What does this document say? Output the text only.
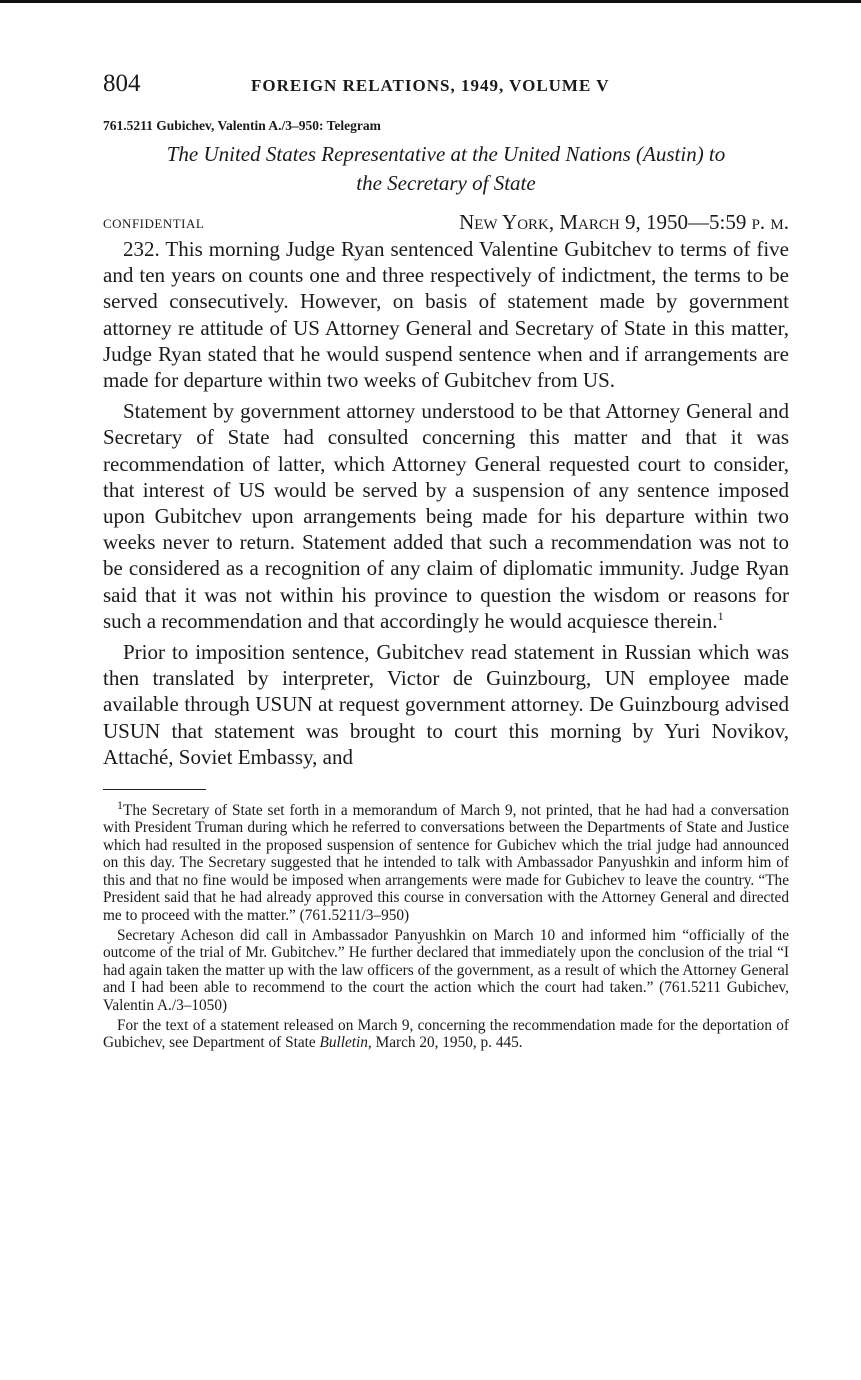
804	FOREIGN RELATIONS, 1949, VOLUME V
761.5211 Gubichev, Valentin A./3–950: Telegram
The United States Representative at the United Nations (Austin) to
the Secretary of State
CONFIDENTIAL	New York, March 9, 1950—5:59 p. m.

232. This morning Judge Ryan sentenced Valentine Gubitchev to terms of five and ten years on counts one and three respectively of indictment, the terms to be served consecutively. However, on basis of statement made by government attorney re attitude of US Attorney General and Secretary of State in this matter, Judge Ryan stated that he would suspend sentence when and if arrangements are made for departure within two weeks of Gubitchev from US.

Statement by government attorney understood to be that Attorney General and Secretary of State had consulted concerning this matter and that it was recommendation of latter, which Attorney General requested court to consider, that interest of US would be served by a suspension of any sentence imposed upon Gubitchev upon arrangements being made for his departure within two weeks never to return. Statement added that such a recommendation was not to be considered as a recognition of any claim of diplomatic immunity. Judge Ryan said that it was not within his province to question the wisdom or reasons for such a recommendation and that accordingly he would acquiesce therein.$^1$

Prior to imposition sentence, Gubitchev read statement in Russian which was then translated by interpreter, Victor de Guinzbourg, UN employee made available through USUN at request government attorney. De Guinzbourg advised USUN that statement was brought to court this morning by Yuri Novikov, Attaché, Soviet Embassy, and

$^1$The Secretary of State set forth in a memorandum of March 9, not printed, that he had had a conversation with President Truman during which he referred to conversations between the Departments of State and Justice which had resulted in the proposed suspension of sentence for Gubichev which the trial judge had announced on this day. The Secretary suggested that he intended to talk with Ambassador Panyushkin and inform him of this and that no fine would be imposed when arrangements were made for Gubichev to leave the country. “The President said that he had already approved this course in conversation with the Attorney General and directed me to proceed with the matter.” (761.5211/3–950)

Secretary Acheson did call in Ambassador Panyushkin on March 10 and informed him “officially of the outcome of the trial of Mr. Gubitchev.” He further declared that immediately upon the conclusion of the trial “I had again taken the matter up with the law officers of the government, as a result of which the Attorney General and I had been able to recommend to the court the action which the court had taken.” (761.5211 Gubichev, Valentin A./3–1050)

For the text of a statement released on March 9, concerning the recommendation made for the deportation of Gubichev, see Department of State Bulletin, March 20, 1950, p. 445.
